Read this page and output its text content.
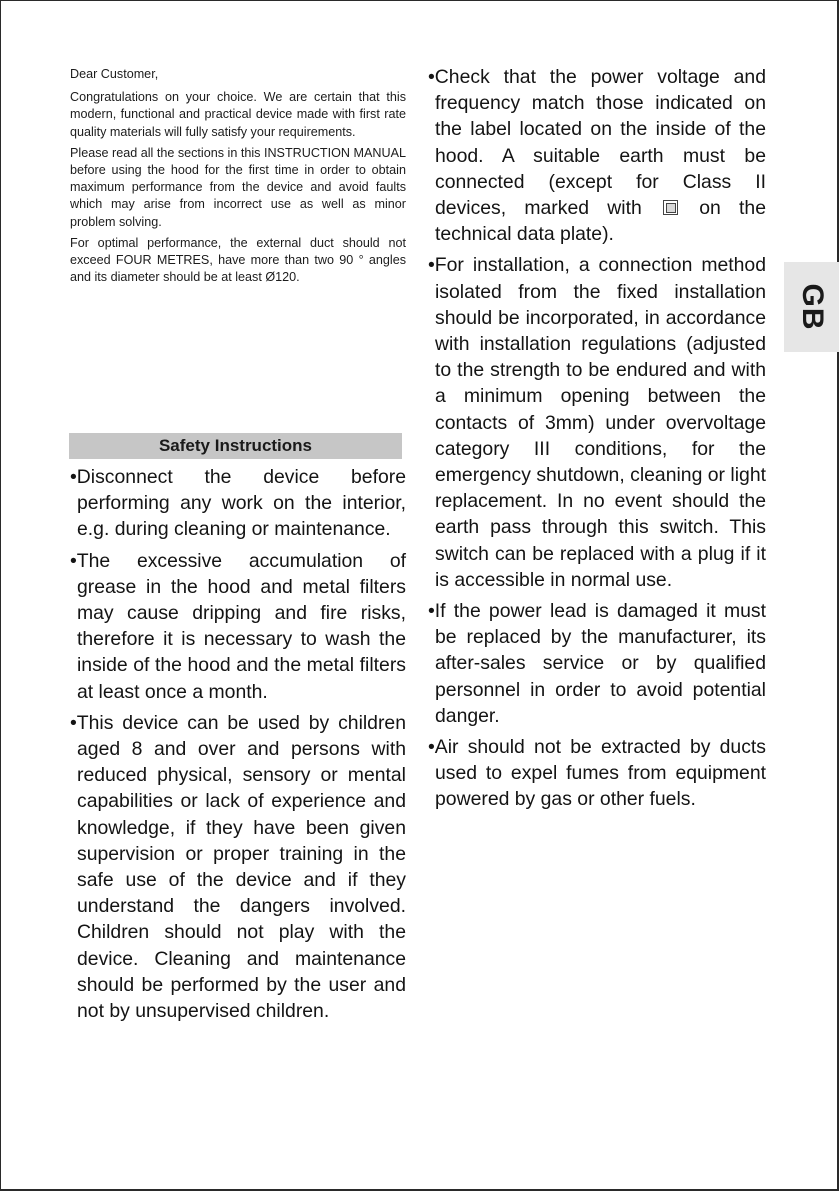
Dear Customer,

Congratulations on your choice. We are certain that this modern, functional and practical device made with first rate quality materials will fully satisfy your requirements.

Please read all the sections in this INSTRUCTION MANUAL before using the hood for the first time in order to obtain maximum performance from the device and avoid faults which may arise from incorrect use as well as minor problem solving.

For optimal performance, the external duct should not exceed FOUR METRES, have more than two 90 ° angles and its diameter should be at least Ø120.

Safety Instructions

•Disconnect the device before performing any work on the interior, e.g. during cleaning or maintenance.

•The excessive accumulation of grease in the hood and metal filters may cause dripping and fire risks, therefore it is necessary to wash the inside of the hood and the metal filters at least once a month.

•This device can be used by children aged 8 and over and persons with reduced physical, sensory or mental capabilities or lack of experience and knowledge, if they have been given supervision or proper training in the safe use of the device and if they understand the dangers involved. Children should not play with the device. Cleaning and maintenance should be performed by the user and not by unsupervised children.

•Check that the power voltage and frequency match those indicated on the label located on the inside of the hood. A suitable earth must be connected (except for Class II devices, marked with	on the technical data plate).

•For installation, a connection method isolated from the fixed installation should be incorporated, in accordance with installation regulations (adjusted to the strength to be endured and with a minimum opening between the contacts of 3mm) under overvoltage category III conditions, for the emergency shutdown, cleaning or light replacement. In no event should the earth pass through this switch. This switch can be replaced with a plug if it is accessible in normal use.

•If the power lead is damaged it must be replaced by the manufacturer, its after-sales service or by qualified personnel in order to avoid potential danger.

•Air should not be extracted by ducts used to expel fumes from equipment powered by gas or other fuels.

GB
